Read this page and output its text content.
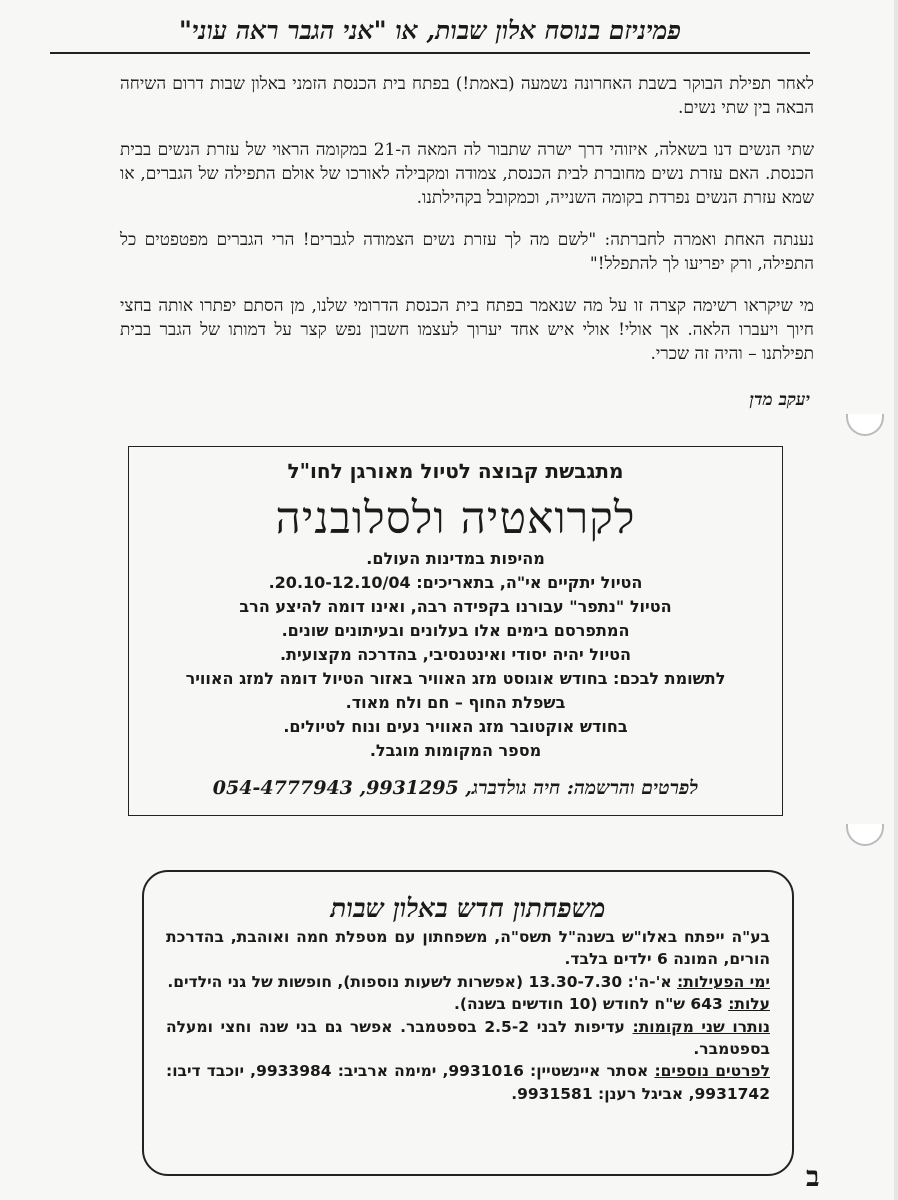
פמיניזם בנוסח אלון שבות, או "אני הגבר ראה עוני"

לאחר תפילת הבוקר בשבת האחרונה נשמעה (באמת!) בפתח בית הכנסת הזמני באלון שבות דרום השיחה הבאה בין שתי נשים.

שתי הנשים דנו בשאלה, איזוהי דרך ישרה שתבור לה המאה ה-21 במקומה הראוי של עזרת הנשים בבית הכנסת. האם עזרת נשים מחוברת לבית הכנסת, צמודה ומקבילה לאורכו של אולם התפילה של הגברים, או שמא עזרת הנשים נפרדת בקומה השנייה, וכמקובל בקהילתנו.

נענתה האחת ואמרה לחברתה: "לשם מה לך עזרת נשים הצמודה לגברים! הרי הגברים מפטפטים כל התפילה, ורק יפריעו לך להתפלל!"

מי שיקראו רשימה קצרה זו על מה שנאמר בפתח בית הכנסת הדרומי שלנו, מן הסתם יפתרו אותה בחצי חיוך ויעברו הלאה. אך אולי! אולי איש אחד יערוך לעצמו חשבון נפש קצר על דמותו של הגבר בבית תפילתנו – והיה זה שכרי.

יעקב מדן
מתגבשת קבוצה לטיול מאורגן לחו"ל
לקרואטיה ולסלובניה
מהיפות במדינות העולם.
הטיול יתקיים אי"ה, בתאריכים: 20.10-12.10/04.
הטיול "נתפר" עבורנו בקפידה רבה, ואינו דומה להיצע הרב
המתפרסם בימים אלו בעלונים ובעיתונים שונים.
הטיול יהיה יסודי ואינטנסיבי, בהדרכה מקצועית.
לתשומת לבכם: בחודש אוגוסט מזג האוויר באזור הטיול דומה למזג האוויר
בשפלת החוף – חם ולח מאוד.
בחודש אוקטובר מזג האוויר נעים ונוח לטיולים.
מספר המקומות מוגבל.
לפרטים והרשמה: חיה גולדברג, 9931295, 054-4777943
משפחתון חדש באלון שבות

בע"ה ייפתח באלו"ש בשנה"ל תשס"ה, משפחתון עם מטפלת חמה ואוהבת, בהדרכת הורים, המונה 6 ילדים בלבד.

ימי הפעילות: א'-ה': 13.30-7.30 (אפשרות לשעות נוספות), חופשות של גני הילדים.

עלות: 643 ש"ח לחודש (10 חודשים בשנה).

נותרו שני מקומות: עדיפות לבני 2.5-2 בספטמבר. אפשר גם בני שנה וחצי ומעלה בספטמבר.

לפרטים נוספים: אסתר איינשטיין: 9931016, ימימה ארביב: 9933984, יוכבד דיבו: 9931742, אביגל רענן: 9931581.

ב
